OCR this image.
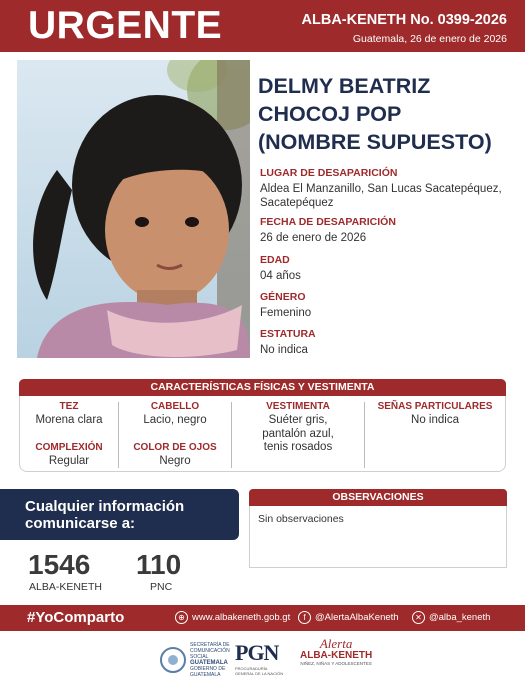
URGENTE	ALBA-KENETH No. 0399-2026
Guatemala, 26 de enero de 2026
DELMY BEATRIZ
CHOCOJ POP
(NOMBRE SUPUESTO)
LUGAR DE DESAPARICIÓN
Aldea El Manzanillo, San Lucas Sacatepéquez,
Sacatepéquez
FECHA DE DESAPARICIÓN
26 de enero de 2026
EDAD
04 años
GÉNERO
Femenino
ESTATURA
No indica
CARACTERÍSTICAS FÍSICAS Y VESTIMENTA
TEZ
Morena clara
COMPLEXIÓN
Regular
CABELLO
Lacio, negro
COLOR DE OJOS
Negro
VESTIMENTA
Suéter gris,
pantalón azul,
tenis rosados
SEÑAS PARTICULARES
No indica
Cualquier información
comunicarse a:
1546
ALBA-KENETH
110
PNC
OBSERVACIONES
Sin observaciones
#YoComparto	⊕ www.albakeneth.gob.gt	f @AlertaAlbaKeneth	✕ @alba_keneth
SECRETARÍA DE COMUNICACIÓN SOCIAL
GUATEMALA
GOBIERNO DE GUATEMALA
PGN
PROCURADURÍA GENERAL DE LA NACIÓN
Alerta
ALBA-KENETH
NIÑEZ, NIÑAS Y ADOLESCENTES
